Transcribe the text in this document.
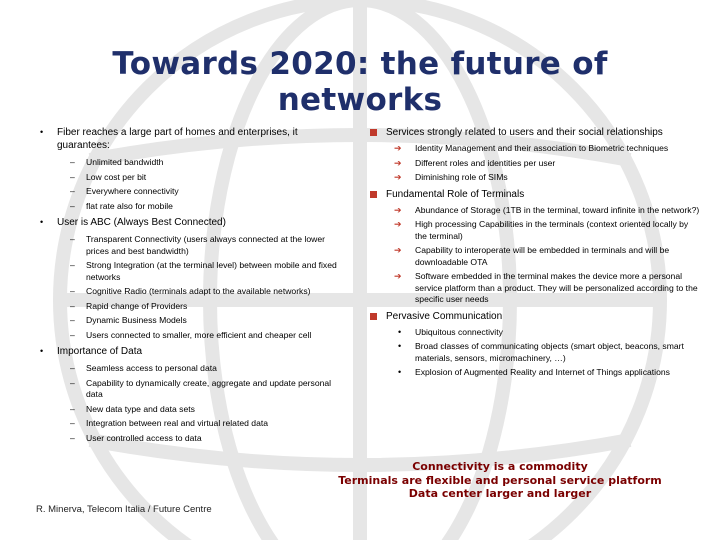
Towards 2020: the future of networks
• Fiber reaches a large part of homes and enterprises, it guarantees:
– Unlimited bandwidth
– Low cost per bit
– Everywhere connectivity
– flat rate also for mobile
• User is ABC (Always Best Connected)
– Transparent Connectivity (users always connected at the lower prices and best bandwidth)
– Strong Integration (at the terminal level) between mobile and fixed networks
– Cognitive Radio (terminals adapt to the available networks)
– Rapid change of Providers
– Dynamic Business Models
– Users connected to smaller, more efficient and cheaper cell
• Importance of Data
– Seamless access to personal data
– Capability to dynamically create, aggregate and update personal data
– New data type and data sets
– Integration between real and virtual related data
– User controlled access to data
Services strongly related to users and their social relationships
➔ Identity Management and their association to Biometric techniques
➔ Different roles and identities per user
➔ Diminishing role of SIMs
Fundamental Role of Terminals
➔ Abundance of Storage (1TB in the terminal, toward infinite in the network?)
➔ High processing Capabilities in the terminals (context oriented locally by the terminal)
➔ Capability to interoperate will be embedded in terminals and will be downloadable OTA
➔ Software embedded in the terminal makes the device more a personal service platform than a product. They will be personalized according to the specific user needs
Pervasive Communication
• Ubiquitous connectivity
• Broad classes of communicating objects (smart object, beacons, smart materials, sensors, micromachinery, …)
• Explosion of Augmented Reality and Internet of Things applications
Connectivity is a commodity
Terminals are flexible and personal service platform
Data center larger and larger
R. Minerva, Telecom Italia / Future Centre
